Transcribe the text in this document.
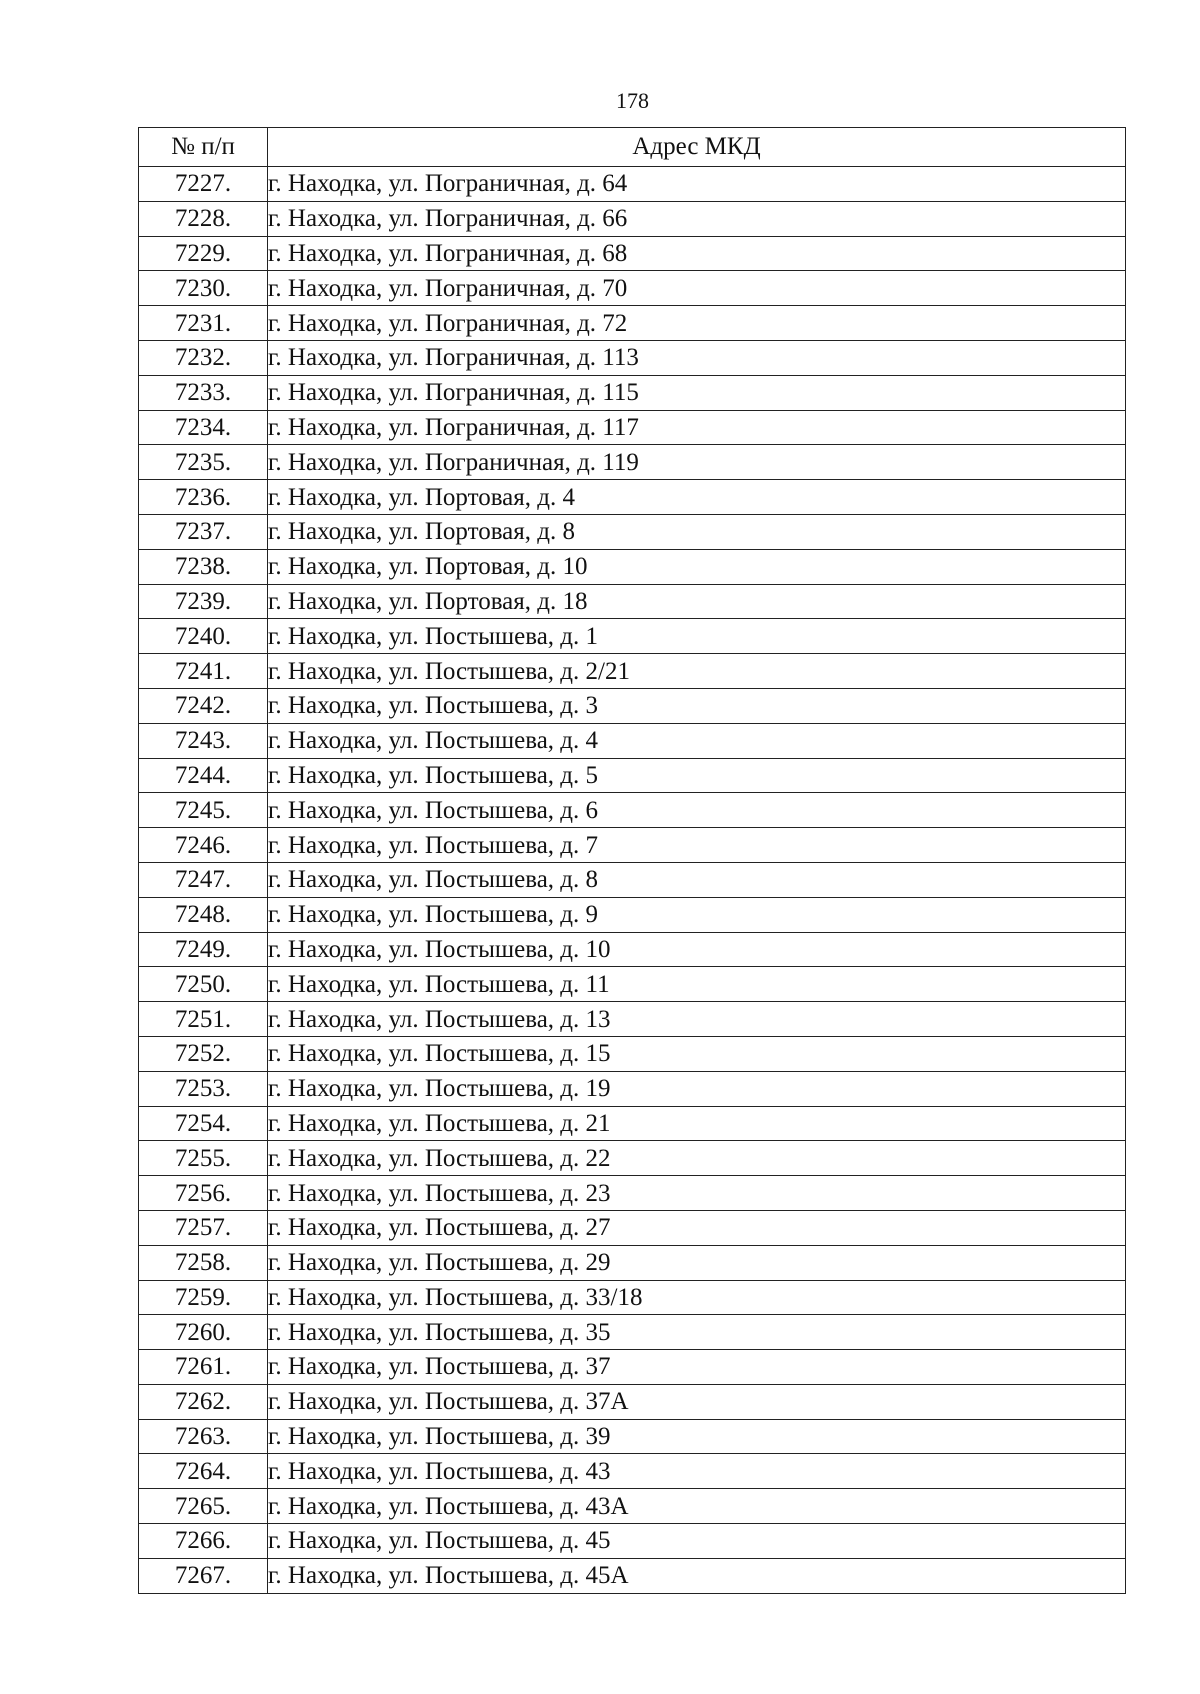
178
№ п/п	Адрес МКД
7227.	г. Находка, ул. Пограничная, д. 64
7228.	г. Находка, ул. Пограничная, д. 66
7229.	г. Находка, ул. Пограничная, д. 68
7230.	г. Находка, ул. Пограничная, д. 70
7231.	г. Находка, ул. Пограничная, д. 72
7232.	г. Находка, ул. Пограничная, д. 113
7233.	г. Находка, ул. Пограничная, д. 115
7234.	г. Находка, ул. Пограничная, д. 117
7235.	г. Находка, ул. Пограничная, д. 119
7236.	г. Находка, ул. Портовая, д. 4
7237.	г. Находка, ул. Портовая, д. 8
7238.	г. Находка, ул. Портовая, д. 10
7239.	г. Находка, ул. Портовая, д. 18
7240.	г. Находка, ул. Постышева, д. 1
7241.	г. Находка, ул. Постышева, д. 2/21
7242.	г. Находка, ул. Постышева, д. 3
7243.	г. Находка, ул. Постышева, д. 4
7244.	г. Находка, ул. Постышева, д. 5
7245.	г. Находка, ул. Постышева, д. 6
7246.	г. Находка, ул. Постышева, д. 7
7247.	г. Находка, ул. Постышева, д. 8
7248.	г. Находка, ул. Постышева, д. 9
7249.	г. Находка, ул. Постышева, д. 10
7250.	г. Находка, ул. Постышева, д. 11
7251.	г. Находка, ул. Постышева, д. 13
7252.	г. Находка, ул. Постышева, д. 15
7253.	г. Находка, ул. Постышева, д. 19
7254.	г. Находка, ул. Постышева, д. 21
7255.	г. Находка, ул. Постышева, д. 22
7256.	г. Находка, ул. Постышева, д. 23
7257.	г. Находка, ул. Постышева, д. 27
7258.	г. Находка, ул. Постышева, д. 29
7259.	г. Находка, ул. Постышева, д. 33/18
7260.	г. Находка, ул. Постышева, д. 35
7261.	г. Находка, ул. Постышева, д. 37
7262.	г. Находка, ул. Постышева, д. 37А
7263.	г. Находка, ул. Постышева, д. 39
7264.	г. Находка, ул. Постышева, д. 43
7265.	г. Находка, ул. Постышева, д. 43А
7266.	г. Находка, ул. Постышева, д. 45
7267.	г. Находка, ул. Постышева, д. 45А
